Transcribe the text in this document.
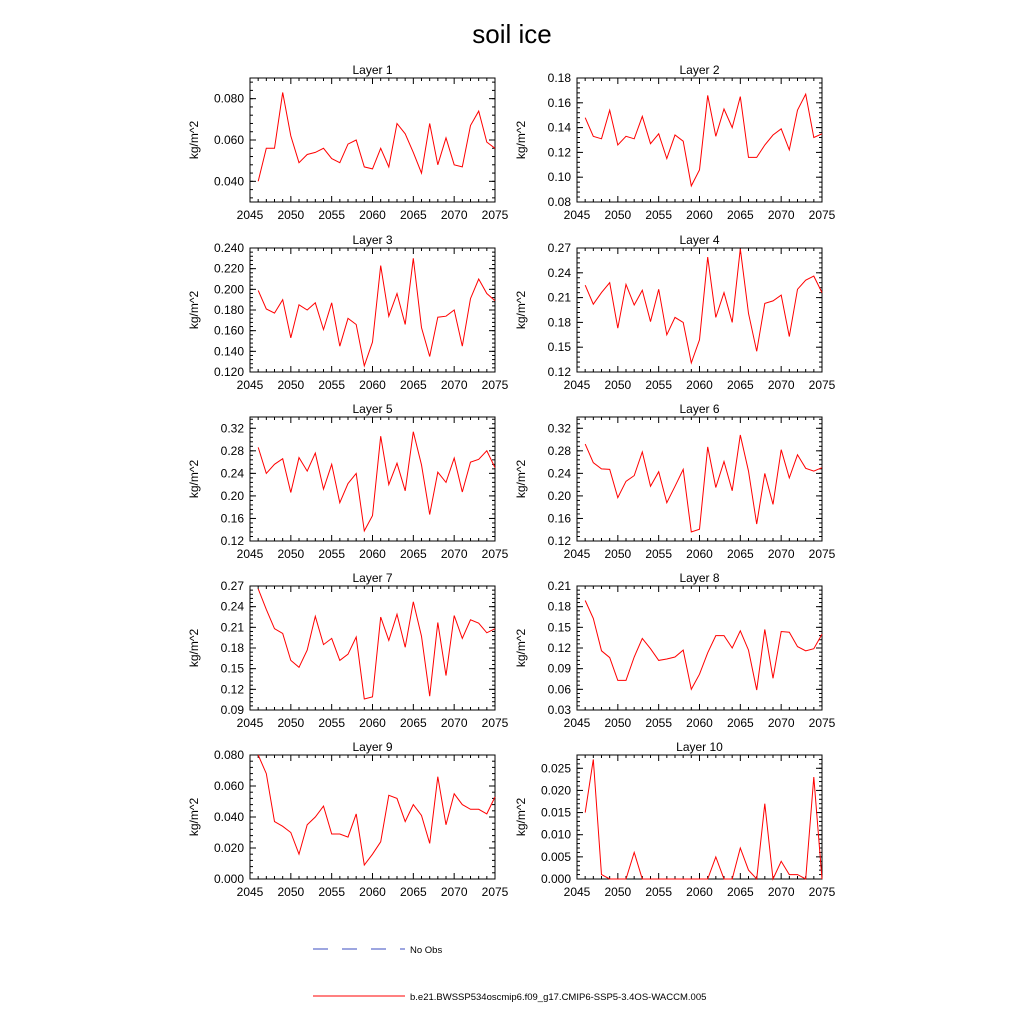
soil ice
Layer 1
kg/m^2
2045 2050 2055 2060 2065 2070 2075
0.040
0.060
0.080
Layer 2
kg/m^2
2045 2050 2055 2060 2065 2070 2075
0.08
0.10
0.12
0.14
0.16
0.18
Layer 3
kg/m^2
2045 2050 2055 2060 2065 2070 2075
0.120
0.140
0.160
0.180
0.200
0.220
0.240
Layer 4
kg/m^2
2045 2050 2055 2060 2065 2070 2075
0.12
0.15
0.18
0.21
0.24
0.27
Layer 5
kg/m^2
2045 2050 2055 2060 2065 2070 2075
0.12
0.16
0.20
0.24
0.28
0.32
Layer 6
kg/m^2
2045 2050 2055 2060 2065 2070 2075
0.12
0.16
0.20
0.24
0.28
0.32
Layer 7
kg/m^2
2045 2050 2055 2060 2065 2070 2075
0.09
0.12
0.15
0.18
0.21
0.24
0.27
Layer 8
kg/m^2
2045 2050 2055 2060 2065 2070 2075
0.03
0.06
0.09
0.12
0.15
0.18
0.21
Layer 9
kg/m^2
2045 2050 2055 2060 2065 2070 2075
0.000
0.020
0.040
0.060
0.080
Layer 10
kg/m^2
2045 2050 2055 2060 2065 2070 2075
0.000
0.005
0.010
0.015
0.020
0.025
No Obs
b.e21.BWSSP534oscmip6.f09_g17.CMIP6-SSP5-3.4OS-WACCM.005
